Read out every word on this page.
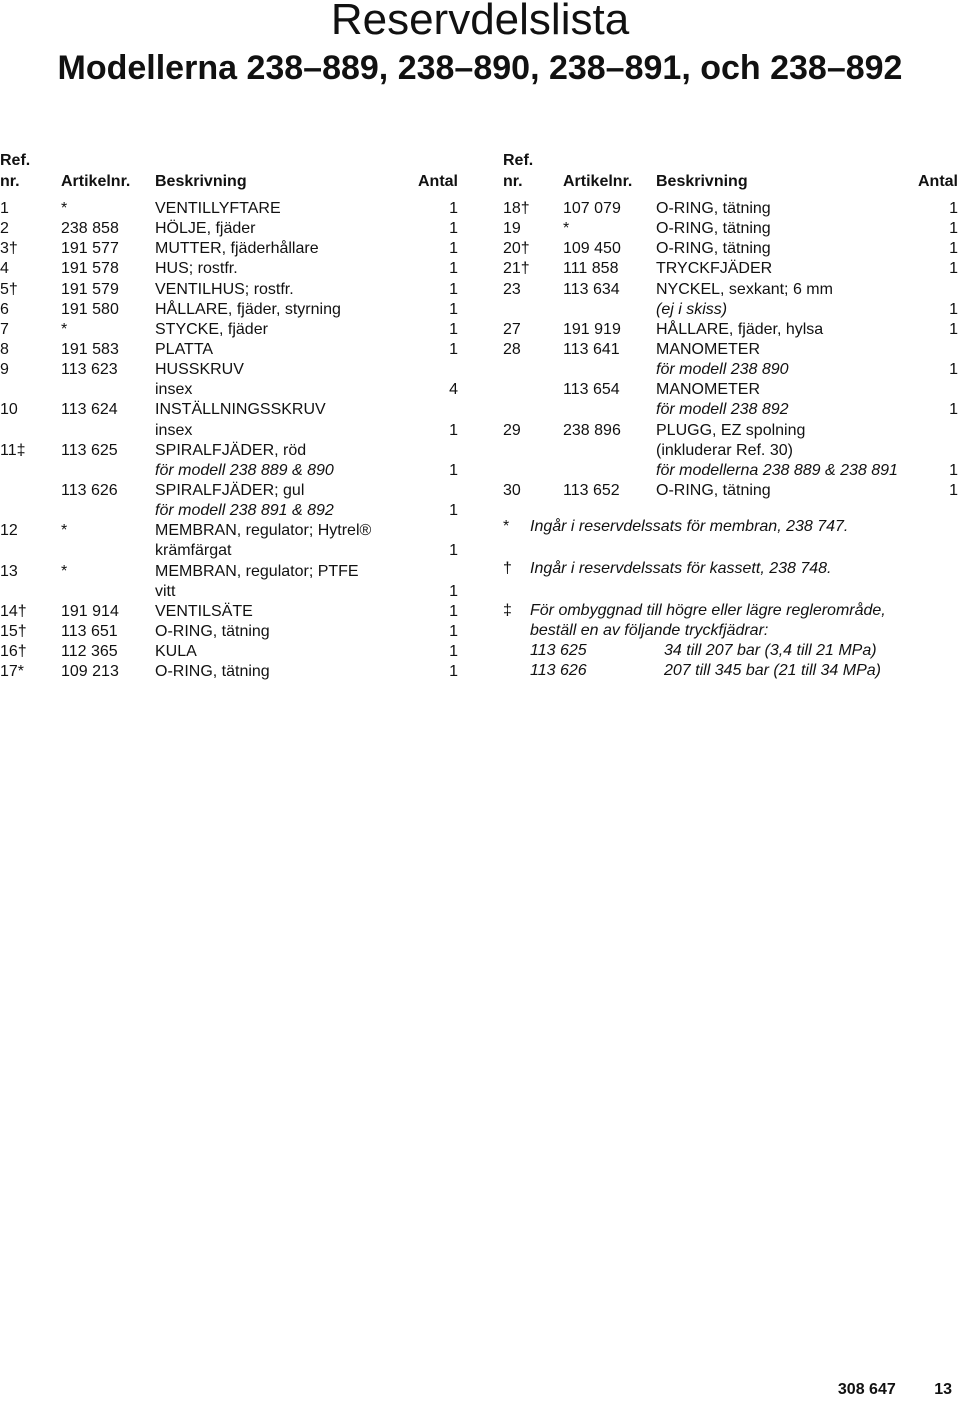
Reservdelslista
Modellerna 238–889, 238–890, 238–891, och 238–892
Ref.
nr.	Artikelnr. Beskrivning	Antal
1	*	VENTILLYFTARE	1
2	238 858 HÖLJE, fjäder	1
3†	191 577 MUTTER, fjäderhållare	1
4	191 578 HUS; rostfr.	1
5†	191 579 VENTILHUS; rostfr.	1
6	191 580 HÅLLARE, fjäder, styrning	1
7	*	STYCKE, fjäder	1
8	191 583 PLATTA	1
9	113 623 HUSSKRUV
insex	4
10	113 624 INSTÄLLNINGSSKRUV
insex	1
11‡ 113 625 SPIRALFJÄDER, röd
för modell 238 889 & 890	1
113 626 SPIRALFJÄDER; gul
för modell 238 891 & 892	1
12	*	MEMBRAN, regulator; Hytrel®
krämfärgat	1
13	*	MEMBRAN, regulator; PTFE
vitt	1
14† 191 914 VENTILSÄTE	1
15† 113 651 O-RING, tätning	1
16† 112 365 KULA	1
17* 109 213 O-RING, tätning	1
Ref.
nr.	Artikelnr. Beskrivning	Antal
18† 107 079 O-RING, tätning	1
19	*	O-RING, tätning	1
20† 109 450 O-RING, tätning	1
21† 111 858 TRYCKFJÄDER	1
23	113 634 NYCKEL, sexkant; 6 mm
(ej i skiss)	1
27	191 919 HÅLLARE, fjäder, hylsa	1
28	113 641 MANOMETER
för modell 238 890	1
113 654 MANOMETER
för modell 238 892	1
29	238 896 PLUGG, EZ spolning
(inkluderar Ref. 30)
för modellerna 238 889 & 238 891	1
30	113 652 O-RING, tätning	1
* Ingår i reservdelssats för membran, 238 747.
† Ingår i reservdelssats för kassett, 238 748.
‡ För ombyggnad till högre eller lägre reglerområde,
beställ en av följande tryckfjädrar:
113 625	34 till 207 bar (3,4 till 21 MPa)
113 626	207 till 345 bar (21 till 34 MPa)
308 647 13
